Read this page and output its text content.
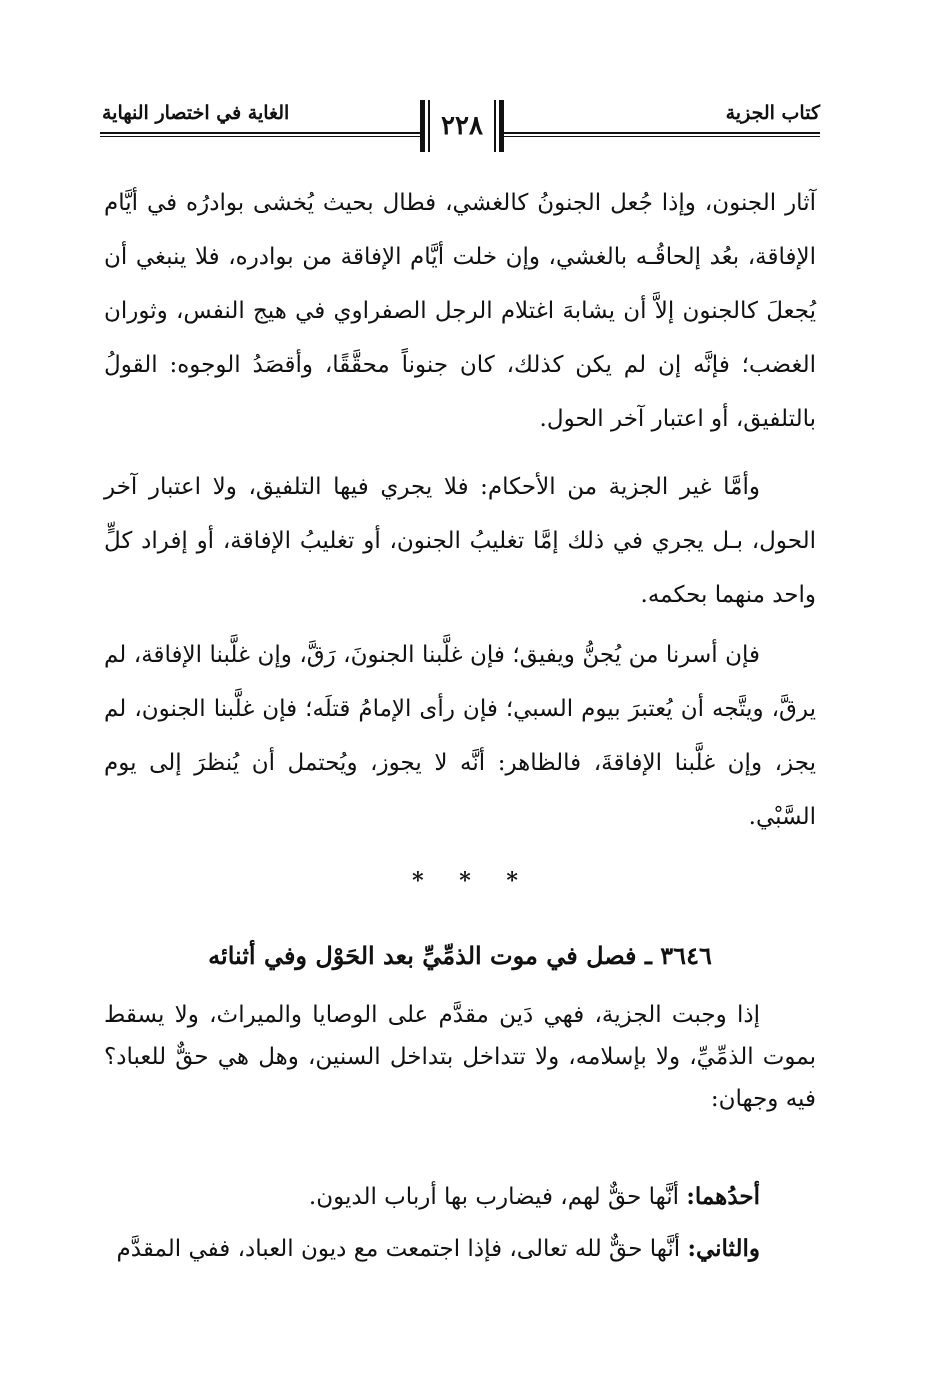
كتاب الجزية
الغاية في اختصار النهاية	٢٢٨

آثار الجنون، وإذا جُعل الجنونُ كالغشي، فطال بحيث يُخشى بوادرُه في أيَّام الإفاقة، بعُد إلحاقُـه بالغشي، وإن خلت أيَّام الإفاقة من بوادره، فلا ينبغي أن يُجعلَ كالجنون إلاَّ أن يشابهَ اغتلام الرجل الصفراوي في هيج النفس، وثوران الغضب؛ فإنَّه إن لم يكن كذلك، كان جنوناً محقَّقًا، وأقصَدُ الوجوه: القولُ بالتلفيق، أو اعتبار آخر الحول.

وأمَّا غير الجزية من الأحكام: فلا يجري فيها التلفيق، ولا اعتبار آخر الحول، بـل يجري في ذلك إمَّا تغليبُ الجنون، أو تغليبُ الإفاقة، أو إفراد كلٍّ واحد منهما بحكمه.

فإن أسرنا من يُجنُّ ويفيق؛ فإن غلَّبنا الجنونَ، رَقَّ، وإن غلَّبنا الإفاقة، لم يرقَّ، ويتَّجه أن يُعتبرَ بيوم السبي؛ فإن رأى الإمامُ قتلَه؛ فإن غلَّبنا الجنون، لم يجز، وإن غلَّبنا الإفاقةَ، فالظاهر: أنَّه لا يجوز، ويُحتمل أن يُنظرَ إلى يوم السَّبْي.

* * *
٣٦٤٦ ـ فصل في موت الذمِّيِّ بعد الحَوْل وفي أثنائه

إذا وجبت الجزية، فهي دَين مقدَّم على الوصايا والميراث، ولا يسقط بموت الذمِّيِّ، ولا بإسلامه، ولا تتداخل بتداخل السنين، وهل هي حقٌّ للعباد؟ فيه وجهان:

أحدُهما: أنَّها حقٌّ لهم، فيضارب بها أرباب الديون.

والثاني: أنَّها حقٌّ لله تعالى، فإذا اجتمعت مع ديون العباد، ففي المقدَّم
